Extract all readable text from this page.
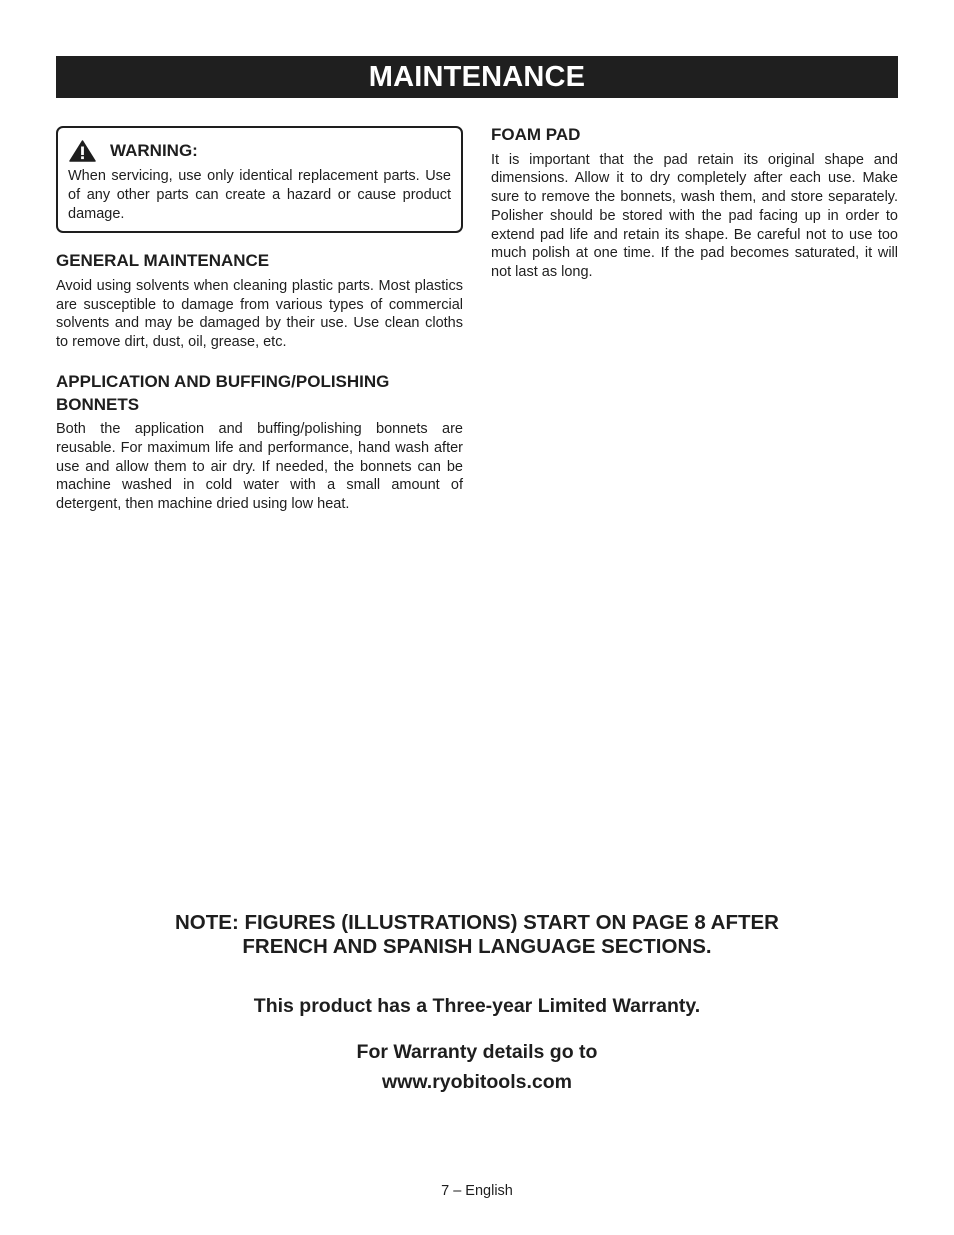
MAINTENANCE
WARNING:

When servicing, use only identical replacement parts. Use of any other parts can create a hazard or cause product damage.

GENERAL MAINTENANCE

Avoid using solvents when cleaning plastic parts. Most plastics are susceptible to damage from various types of commercial solvents and may be damaged by their use. Use clean cloths to remove dirt, dust, oil, grease, etc.

APPLICATION AND BUFFING/POLISHING BONNETS

Both the application and buffing/polishing bonnets are reusable. For maximum life and performance, hand wash after use and allow them to air dry. If needed, the bonnets can be machine washed in cold water with a small amount of detergent, then machine dried using low heat.

FOAM PAD

It is important that the pad retain its original shape and dimensions. Allow it to dry completely after each use. Make sure to remove the bonnets, wash them, and store separately. Polisher should be stored with the pad facing up in order to extend pad life and retain its shape. Be careful not to use too much polish at one time. If the pad becomes saturated, it will not last as long.

NOTE: FIGURES (ILLUSTRATIONS) START ON PAGE 8 AFTER
FRENCH AND SPANISH LANGUAGE SECTIONS.
This product has a Three-year Limited Warranty.
For Warranty details go to
www.ryobitools.com
7 – English
